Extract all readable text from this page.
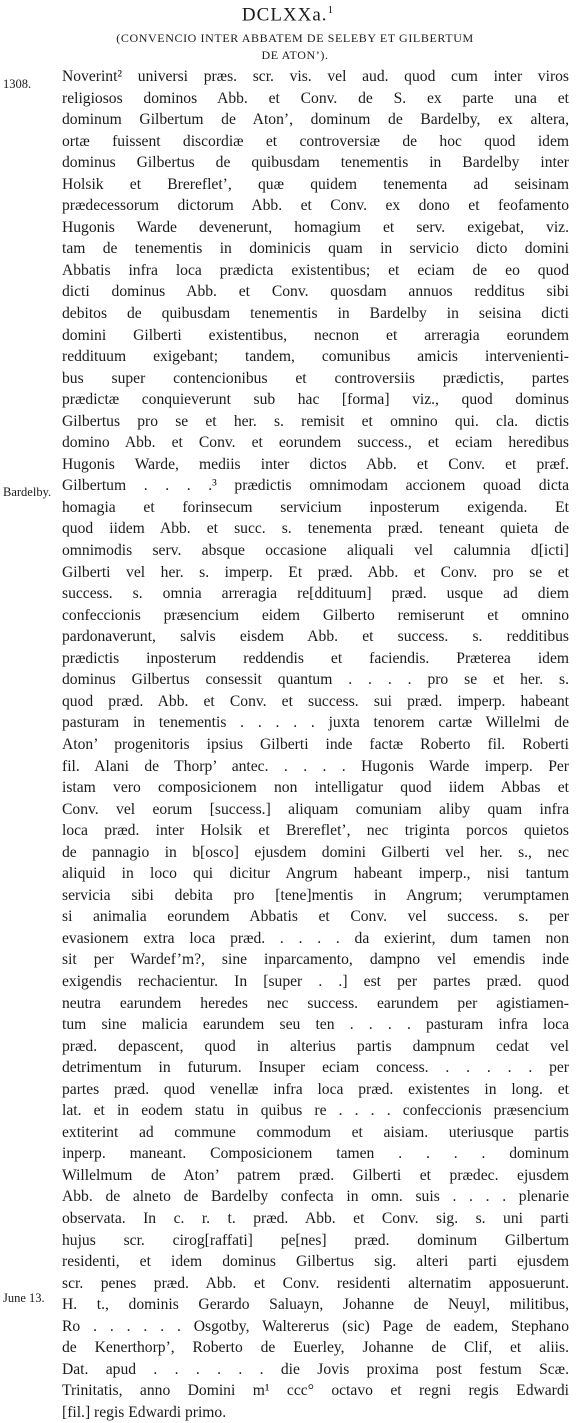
DCLXXa.$^1$
(CONVENCIO INTER ABBATEM DE SELEBY ET GILBERTUM
DE ATON’).
1308.
Bardelby.
June 13.
Noverint² universi præs. scr. vis. vel aud. quod cum inter viros
religiosos dominos Abb. et Conv. de S. ex parte una et
dominum Gilbertum de Aton’, dominum de Bardelby, ex altera,
ortæ fuissent discordiæ et controversiæ de hoc quod idem
dominus Gilbertus de quibusdam tenementis in Bardelby inter
Holsik et Brereflet’, quæ quidem tenementa ad seisinam
prædecessorum dictorum Abb. et Conv. ex dono et feofamento
Hugonis Warde devenerunt, homagium et serv. exigebat, viz.
tam de tenementis in dominicis quam in servicio dicto domini
Abbatis infra loca prædicta existentibus; et eciam de eo quod
dicti dominus Abb. et Conv. quosdam annuos redditus sibi
debitos de quibusdam tenementis in Bardelby in seisina dicti
domini Gilberti existentibus, necnon et arreragia eorundem
reddituum exigebant; tandem, comunibus amicis intervenienti-
bus super contencionibus et controversiis prædictis, partes
prædictæ conquieverunt sub hac [forma] viz., quod dominus
Gilbertus pro se et her. s. remisit et omnino qui. cla. dictis
domino Abb. et Conv. et eorundem success., et eciam heredibus
Hugonis Warde, mediis inter dictos Abb. et Conv. et præf.
Gilbertum . . . .³ prædictis omnimodam accionem quoad dicta
homagia et forinsecum servicium inposterum exigenda. Et
quod iidem Abb. et succ. s. tenementa præd. teneant quieta de
omnimodis serv. absque occasione aliquali vel calumnia d[icti]
Gilberti vel her. s. imperp. Et præd. Abb. et Conv. pro se et
success. s. omnia arreragia re[ddituum] præd. usque ad diem
confeccionis præsencium eidem Gilberto remiserunt et omnino
pardonaverunt, salvis eisdem Abb. et success. s. redditibus
prædictis inposterum reddendis et faciendis. Præterea idem
dominus Gilbertus consessit quantum . . . . pro se et her. s.
quod præd. Abb. et Conv. et success. sui præd. imperp. habeant
pasturam in tenementis . . . . . juxta tenorem cartæ Willelmi de
Aton’ progenitoris ipsius Gilberti inde factæ Roberto fil. Roberti
fil. Alani de Thorp’ antec. . . . . Hugonis Warde imperp. Per
istam vero composicionem non intelligatur quod iidem Abbas et
Conv. vel eorum [success.] aliquam comuniam aliby quam infra
loca præd. inter Holsik et Brereflet’, nec triginta porcos quietos
de pannagio in b[osco] ejusdem domini Gilberti vel her. s., nec
aliquid in loco qui dicitur Angrum habeant imperp., nisi tantum
servicia sibi debita pro [tene]mentis in Angrum; verumptamen
si animalia eorundem Abbatis et Conv. vel success. s. per
evasionem extra loca præd. . . . . da exierint, dum tamen non
sit per Wardef’m?, sine inparcamento, dampno vel emendis inde
exigendis rechacientur. In [super . .] est per partes præd. quod
neutra earundem heredes nec success. earundem per agistiamen-
tum sine malicia earundem seu ten . . . . pasturam infra loca
præd. depascent, quod in alterius partis dampnum cedat vel
detrimentum in futurum. Insuper eciam concess. . . . . . per
partes præd. quod venellæ infra loca præd. existentes in long. et
lat. et in eodem statu in quibus re . . . . confeccionis præsencium
extiterint ad commune commodum et aisiam. uteriusque partis
inperp. maneant. Composicionem tamen . . . . dominum
Willelmum de Aton’ patrem præd. Gilberti et prædec. ejusdem
Abb. de alneto de Bardelby confecta in omn. suis . . . . plenarie
observata. In c. r. t. præd. Abb. et Conv. sig. s. uni parti
hujus scr. cirog[raffati] pe[nes] præd. dominum Gilbertum
residenti, et idem dominus Gilbertus sig. alteri parti ejusdem
scr. penes præd. Abb. et Conv. residenti alternatim apposuerunt.
H. t., dominis Gerardo Saluayn, Johanne de Neuyl, militibus,
Ro . . . . . . Osgotby, Waltererus (sic) Page de eadem, Stephano
de Kenerthorp’, Roberto de Euerley, Johanne de Clif, et aliis.
Dat. apud . . . . . . die Jovis proxima post festum Scæ.
Trinitatis, anno Domini m¹ ccc° octavo et regni regis Edwardi
[fil.] regis Edwardi primo.
